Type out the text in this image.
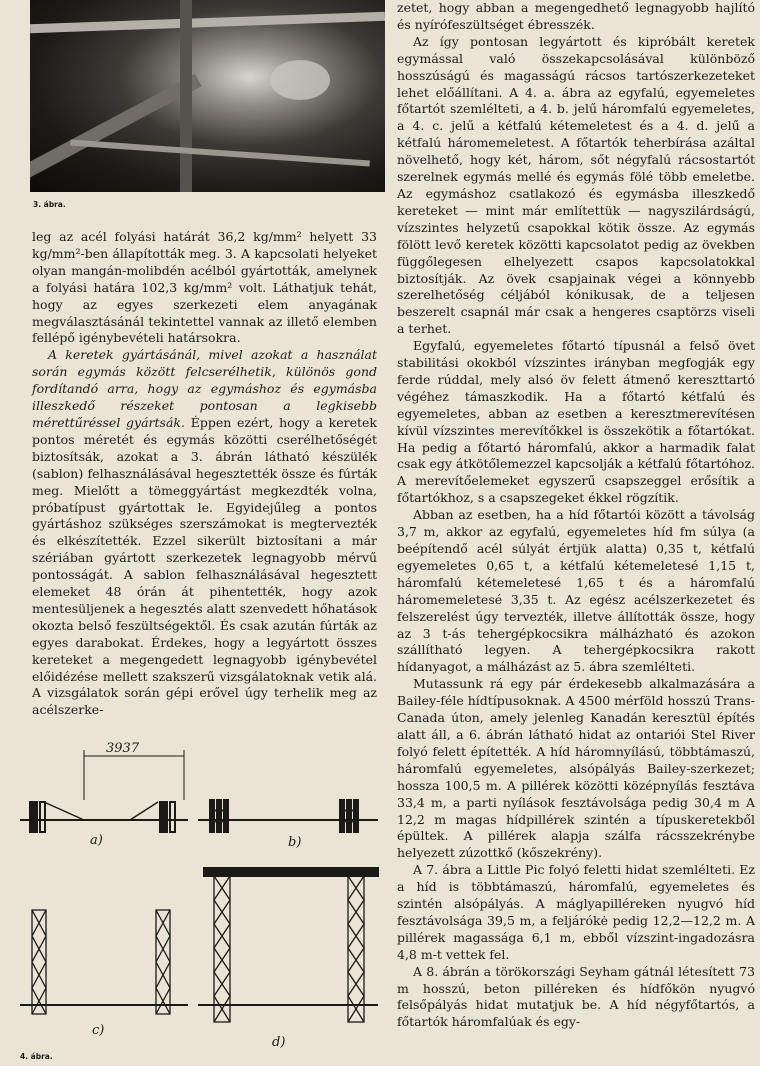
3. ábra.

leg az acél folyási határát 36,2 kg/mm² helyett 33 kg/mm²-ben állapították meg. 3. A kapcsolati helyeket olyan mangán-molibdén acélból gyártották, amelynek a folyási határa 102,3 kg/mm² volt. Láthatjuk tehát, hogy az egyes szerkezeti elem anyagának megválasztásánál tekintettel vannak az illető elemben fellépő igénybevételi határsokra.

A keretek gyártásánál, mivel azokat a használat során egymás között felcserélhetik, különös gond fordítandó arra, hogy az egymáshoz és egymásba illeszkedő részeket pontosan a legkisebb mérettűréssel gyártsák. Éppen ezért, hogy a keretek pontos méretét és egymás közötti cserélhetőségét biztosítsák, azokat a 3. ábrán látható készülék (sablon) felhasználásával hegesztették össze és fúrták meg. Mielőtt a tömeggyártást megkezdték volna, próbatípust gyártottak le. Egyidejűleg a pontos gyártáshoz szükséges szerszámokat is megtervezték és elkészítették. Ezzel sikerült biztosítani a már szériában gyártott szerkezetek legnagyobb mérvű pontosságát. A sablon felhasználásával hegesztett elemeket 48 órán át pihentették, hogy azok mentesüljenek a hegesztés alatt szenvedett hőhatások okozta belső feszültségektől. És csak azután fúrták az egyes darabokat. Érdekes, hogy a legyártott összes kereteket a megengedett legnagyobb igénybevétel előidézése mellett szakszerű vizsgálatoknak vetik alá. A vizsgálatok során gépi erővel úgy terhelik meg az acélszerke-

3937
a)	b)
c)
d)
4. ábra.

zetet, hogy abban a megengedhető legnagyobb hajlító és nyírófeszültséget ébresszék.

Az így pontosan legyártott és kipróbált keretek egymással való összekapcsolásával különböző hosszúságú és magasságú rácsos tartószerkezeteket lehet előállítani. A 4. a. ábra az egyfalú, egyemeletes főtartót szemlélteti, a 4. b. jelű háromfalú egyemeletes, a 4. c. jelű a kétfalú kétemeletest és a 4. d. jelű a kétfalú háromemeletest. A főtartók teherbírása azáltal növelhető, hogy két, három, sőt négyfalú rácsostartót szerelnek egymás mellé és egymás fölé több emeletbe. Az egymáshoz csatlakozó és egymásba illeszkedő kereteket — mint már említettük — nagyszilárdságú, vízszintes helyzetű csapokkal kötik össze. Az egymás fölött levő keretek közötti kapcsolatot pedig az övekben függőlegesen elhelyezett csapos kapcsolatokkal biztosítják. Az övek csapjainak végei a könnyebb szerelhetőség céljából kónikusak, de a teljesen beszerelt csapnál már csak a hengeres csaptörzs viseli a terhet.

Egyfalú, egyemeletes főtartó típusnál a felső övet stabilitási okokból vízszintes irányban megfogják egy ferde rúddal, mely alsó öv felett átmenő kereszttartó végéhez támaszkodik. Ha a főtartó kétfalú és egyemeletes, abban az esetben a keresztmerevítésen kívül vízszintes merevítőkkel is összekötik a főtartókat. Ha pedig a főtartó háromfalú, akkor a harmadik falat csak egy átkötőlemezzel kapcsolják a kétfalú főtartóhoz. A merevítőelemeket egyszerű csapszeggel erősítik a főtartókhoz, s a csapszegeket ékkel rögzítik.

Abban az esetben, ha a híd főtartói között a távolság 3,7 m, akkor az egyfalú, egyemeletes híd fm súlya (a beépítendő acél súlyát értjük alatta) 0,35 t, kétfalú egyemeletes 0,65 t, a kétfalú kétemeletesé 1,15 t, háromfalú kétemeletesé 1,65 t és a háromfalú háromemeletesé 3,35 t. Az egész acélszerkezetet és felszerelést úgy tervezték, illetve állították össze, hogy az 3 t-ás tehergépkocsikra málházható és azokon szállítható legyen. A tehergépkocsikra rakott hídanyagot, a málházást az 5. ábra szemlélteti.

Mutassunk rá egy pár érdekesebb alkalmazására a Bailey-féle hídtípusoknak. A 4500 mérföld hosszú Trans-Canada úton, amely jelenleg Kanadán keresztül építés alatt áll, a 6. ábrán látható hidat az ontariói Stel River folyó felett építették. A híd háromnyílású, többtámaszú, háromfalú egyemeletes, alsópályás Bailey-szerkezet; hossza 100,5 m. A pillérek közötti középnyílás fesztáva 33,4 m, a parti nyílások fesztávolsága pedig 30,4 m A 12,2 m magas hídpillérek szintén a típuskeretekből épültek. A pillérek alapja szálfa rácsszekrénybe helyezett zúzottkő (kőszekrény).

A 7. ábra a Little Pic folyó feletti hidat szemlélteti. Ez a híd is többtámaszú, háromfalú, egyemeletes és szintén alsópályás. A máglyapilléreken nyugvó híd fesztávolsága 39,5 m, a feljárókė pedig 12,2—12,2 m. A pillérek magassága 6,1 m, ebből vízszint-ingadozásra 4,8 m-t vettek fel.

A 8. ábrán a törökországi Seyham gátnál létesített 73 m hosszú, beton pilléreken és hídfőkön nyugvó felsőpályás hidat mutatjuk be. A híd négyfőtartós, a főtartók háromfalúak és egy-
